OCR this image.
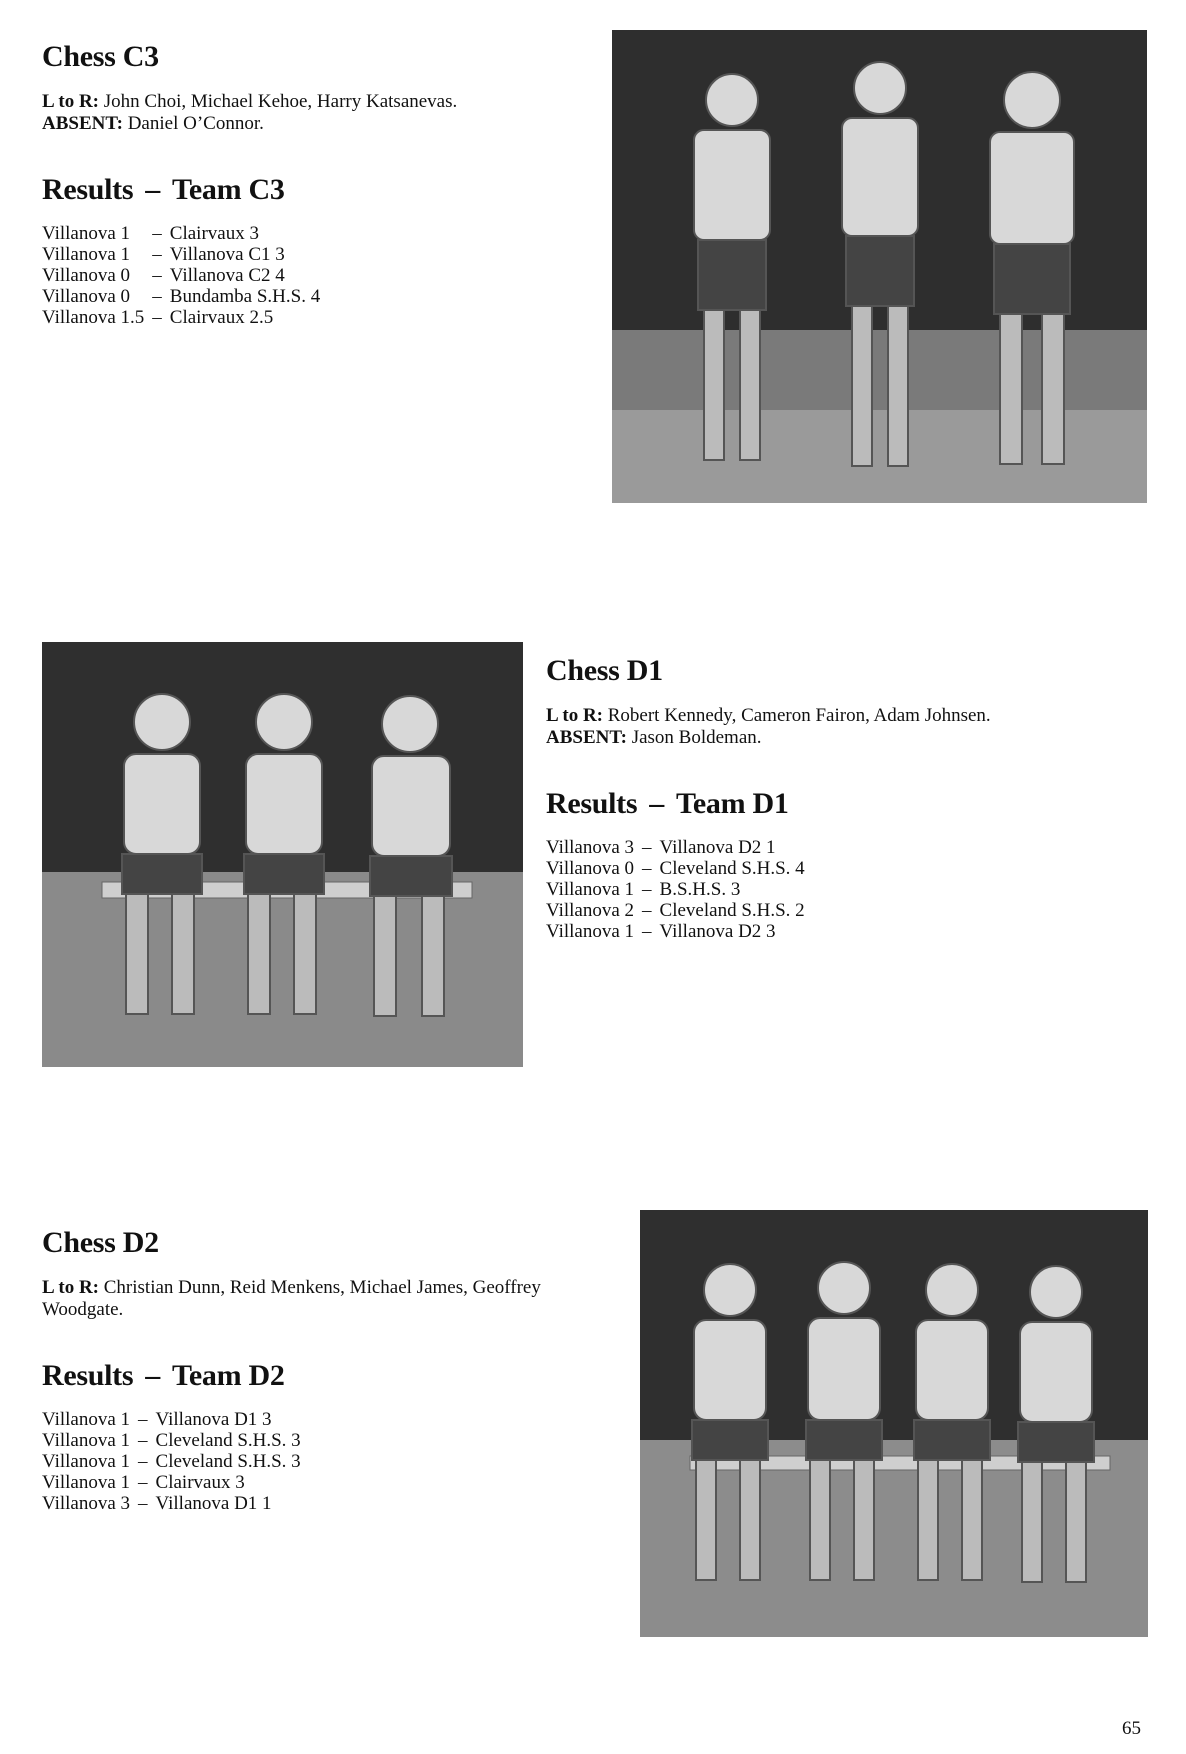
Chess C3

L to R: John Choi, Michael Kehoe, Harry Katsanevas.
ABSENT: Daniel O’Connor.

Results – Team C3
Villanova 1	–	Clairvaux 3
Villanova 1	–	Villanova C1 3
Villanova 0	–	Villanova C2 4
Villanova 0	–	Bundamba S.H.S. 4
Villanova 1.5	–	Clairvaux 2.5
Chess D1

L to R: Robert Kennedy, Cameron Fairon, Adam Johnsen.
ABSENT: Jason Boldeman.

Results – Team D1
Villanova 3	–	Villanova D2 1
Villanova 0	–	Cleveland S.H.S. 4
Villanova 1	–	B.S.H.S. 3
Villanova 2	–	Cleveland S.H.S. 2
Villanova 1	–	Villanova D2 3
Chess D2

L to R: Christian Dunn, Reid Menkens, Michael James, Geoffrey Woodgate.

Results – Team D2
Villanova 1	–	Villanova D1 3
Villanova 1	–	Cleveland S.H.S. 3
Villanova 1	–	Cleveland S.H.S. 3
Villanova 1	–	Clairvaux 3
Villanova 3	–	Villanova D1 1
65
